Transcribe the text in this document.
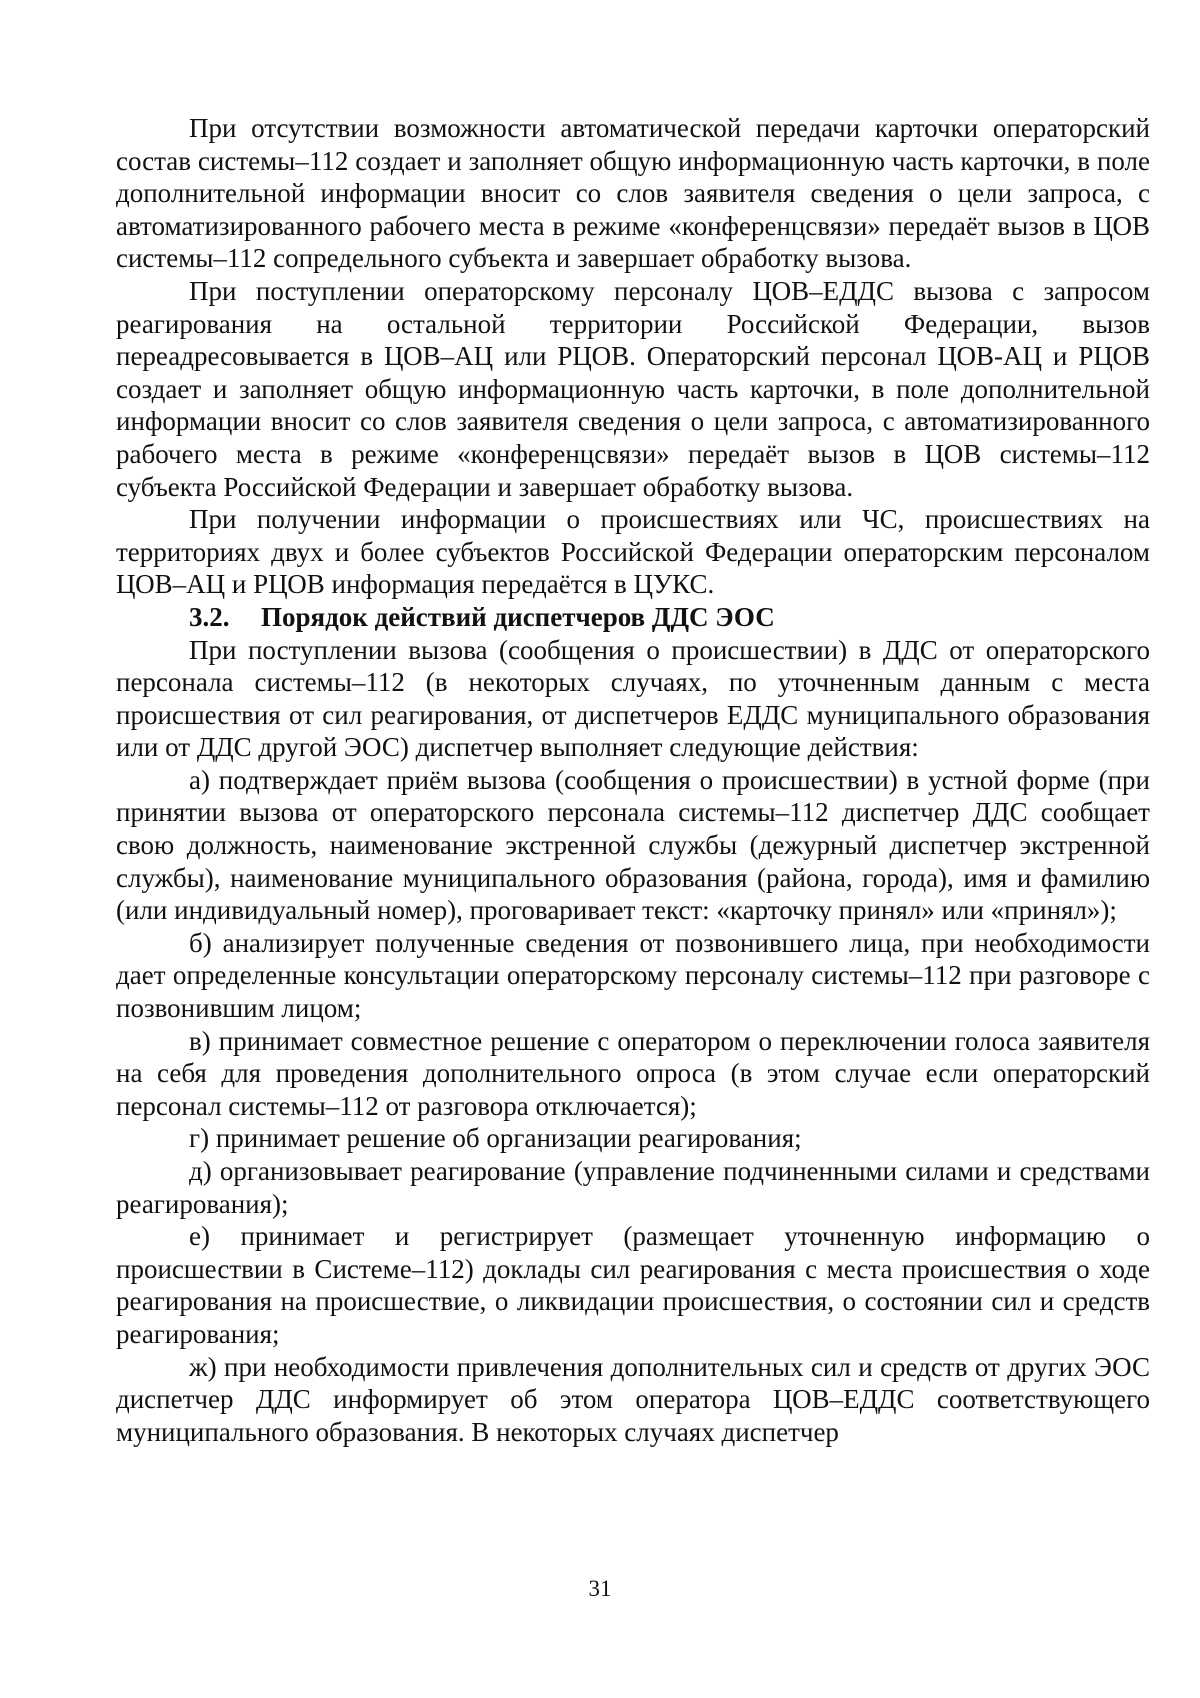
При отсутствии возможности автоматической передачи карточки операторский состав системы–112 создает и заполняет общую информационную часть карточки, в поле дополнительной информации вносит со слов заявителя сведения о цели запроса, с автоматизированного рабочего места в режиме «конференцсвязи» передаёт вызов в ЦОВ системы–112 сопредельного субъекта и завершает обработку вызова.

При поступлении операторскому персоналу ЦОВ–ЕДДС вызова с запросом реагирования на остальной территории Российской Федерации, вызов переадресовывается в ЦОВ–АЦ или РЦОВ. Операторский персонал ЦОВ-АЦ и РЦОВ создает и заполняет общую информационную часть карточки, в поле дополнительной информации вносит со слов заявителя сведения о цели запроса, с автоматизированного рабочего места в режиме «конференцсвязи» передаёт вызов в ЦОВ системы–112 субъекта Российской Федерации и завершает обработку вызова.

При получении информации о происшествиях или ЧС, происшествиях на территориях двух и более субъектов Российской Федерации операторским персоналом ЦОВ–АЦ и РЦОВ информация передаётся в ЦУКС.

3.2. Порядок действий диспетчеров ДДС ЭОС

При поступлении вызова (сообщения о происшествии) в ДДС от операторского персонала системы–112 (в некоторых случаях, по уточненным данным с места происшествия от сил реагирования, от диспетчеров ЕДДС муниципального образования или от ДДС другой ЭОС) диспетчер выполняет следующие действия:

а) подтверждает приём вызова (сообщения о происшествии) в устной форме (при принятии вызова от операторского персонала системы–112 диспетчер ДДС сообщает свою должность, наименование экстренной службы (дежурный диспетчер экстренной службы), наименование муниципального образования (района, города), имя и фамилию (или индивидуальный номер), проговаривает текст: «карточку принял» или «принял»);

б) анализирует полученные сведения от позвонившего лица, при необходимости дает определенные консультации операторскому персоналу системы–112 при разговоре с позвонившим лицом;

в) принимает совместное решение с оператором о переключении голоса заявителя на себя для проведения дополнительного опроса (в этом случае если операторский персонал системы–112 от разговора отключается);

г) принимает решение об организации реагирования;

д) организовывает реагирование (управление подчиненными силами и средствами реагирования);

е) принимает и регистрирует (размещает уточненную информацию о происшествии в Системе–112) доклады сил реагирования с места происшествия о ходе реагирования на происшествие, о ликвидации происшествия, о состоянии сил и средств реагирования;

ж) при необходимости привлечения дополнительных сил и средств от других ЭОС диспетчер ДДС информирует об этом оператора ЦОВ–ЕДДС соответствующего муниципального образования. В некоторых случаях диспетчер

31
